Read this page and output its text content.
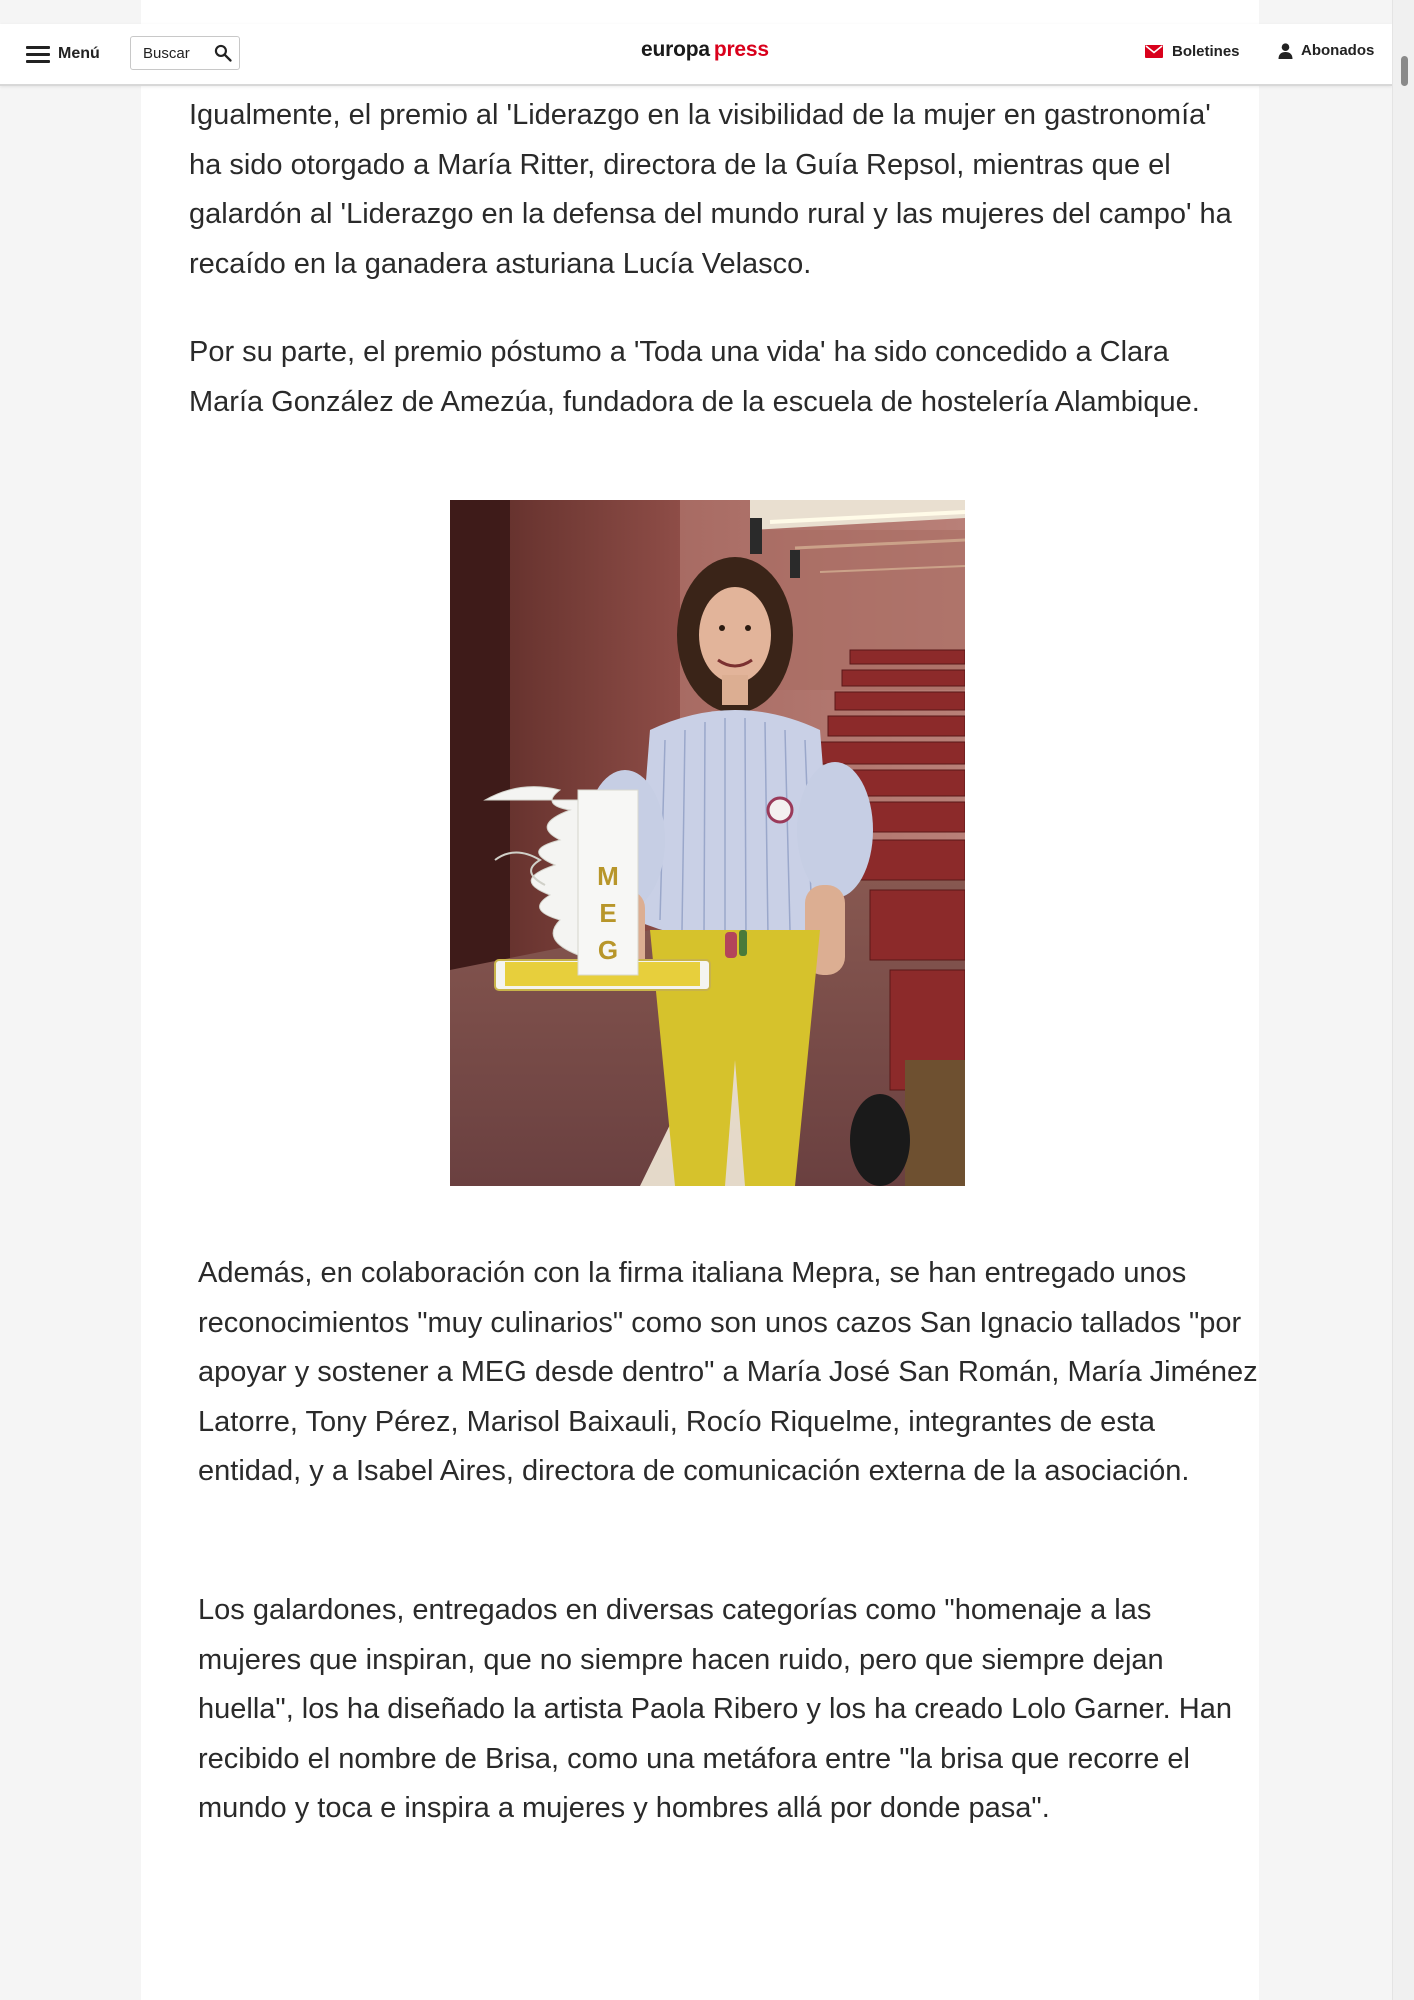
Menú
Buscar	europa press	Boletines	Abonados

Igualmente, el premio al 'Liderazgo en la visibilidad de la mujer en gastronomía' ha sido otorgado a María Ritter, directora de la Guía Repsol, mientras que el galardón al 'Liderazgo en la defensa del mundo rural y las mujeres del campo' ha recaído en la ganadera asturiana Lucía Velasco.

Por su parte, el premio póstumo a 'Toda una vida' ha sido concedido a Clara María González de Amezúa, fundadora de la escuela de hostelería Alambique.

M
E
G

Además, en colaboración con la firma italiana Mepra, se han entregado unos reconocimientos "muy culinarios" como son unos cazos San Ignacio tallados "por apoyar y sostener a MEG desde dentro" a María José San Román, María Jiménez Latorre, Tony Pérez, Marisol Baixauli, Rocío Riquelme, integrantes de esta entidad, y a Isabel Aires, directora de comunicación externa de la asociación.

Los galardones, entregados en diversas categorías como "homenaje a las mujeres que inspiran, que no siempre hacen ruido, pero que siempre dejan huella", los ha diseñado la artista Paola Ribero y los ha creado Lolo Garner. Han recibido el nombre de Brisa, como una metáfora entre "la brisa que recorre el mundo y toca e inspira a mujeres y hombres allá por donde pasa".
